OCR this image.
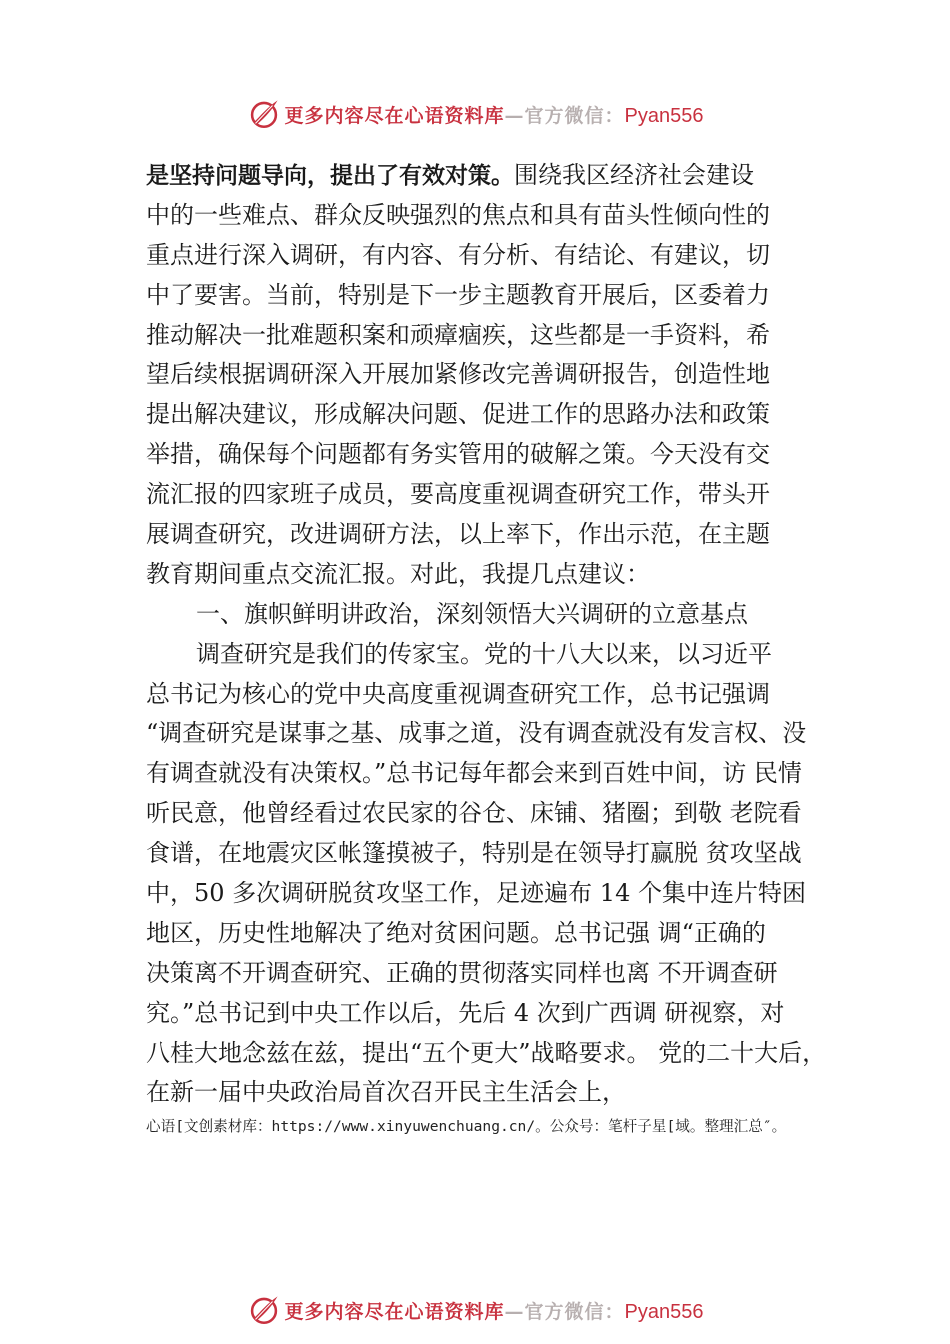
更多内容尽在心语资料库—官方微信：Pyan556
是坚持问题导向，提出了有效对策。围绕我区经济社会建设
中的一些难点、群众反映强烈的焦点和具有苗头性倾向性的
重点进行深入调研，有内容、有分析、有结论、有建议，切
中了要害。当前，特别是下一步主题教育开展后，区委着力
推动解决一批难题积案和顽瘴痼疾，这些都是一手资料，希
望后续根据调研深入开展加紧修改完善调研报告，创造性地
提出解决建议，形成解决问题、促进工作的思路办法和政策
举措，确保每个问题都有务实管用的破解之策。今天没有交
流汇报的四家班子成员，要高度重视调查研究工作，带头开
展调查研究，改进调研方法，以上率下，作出示范，在主题
教育期间重点交流汇报。对此，我提几点建议：
一、旗帜鲜明讲政治，深刻领悟大兴调研的立意基点
调查研究是我们的传家宝。党的十八大以来，以习近平
总书记为核心的党中央高度重视调查研究工作，总书记强调
“调查研究是谋事之基、成事之道，没有调查就没有发言权、没
有调查就没有决策权。”总书记每年都会来到百姓中间，访 民情
听民意，他曾经看过农民家的谷仓、床铺、猪圈；到敬 老院看
食谱，在地震灾区帐篷摸被子，特别是在领导打赢脱 贫攻坚战
中，50 多次调研脱贫攻坚工作，足迹遍布 14 个集中连片特困
地区，历史性地解决了绝对贫困问题。总书记强 调“正确的
决策离不开调查研究、正确的贯彻落实同样也离 不开调查研
究。”总书记到中央工作以后，先后 4 次到广西调 研视察，对
八桂大地念兹在兹，提出“五个更大”战略要求。 党的二十大后，
在新一届中央政治局首次召开民主生活会上，
心语[文创素材库：https://www.xinyuwenchuang.cn/。公众号：笔杆子星[域。整理汇总″。
更多内容尽在心语资料库—官方微信：Pyan556
